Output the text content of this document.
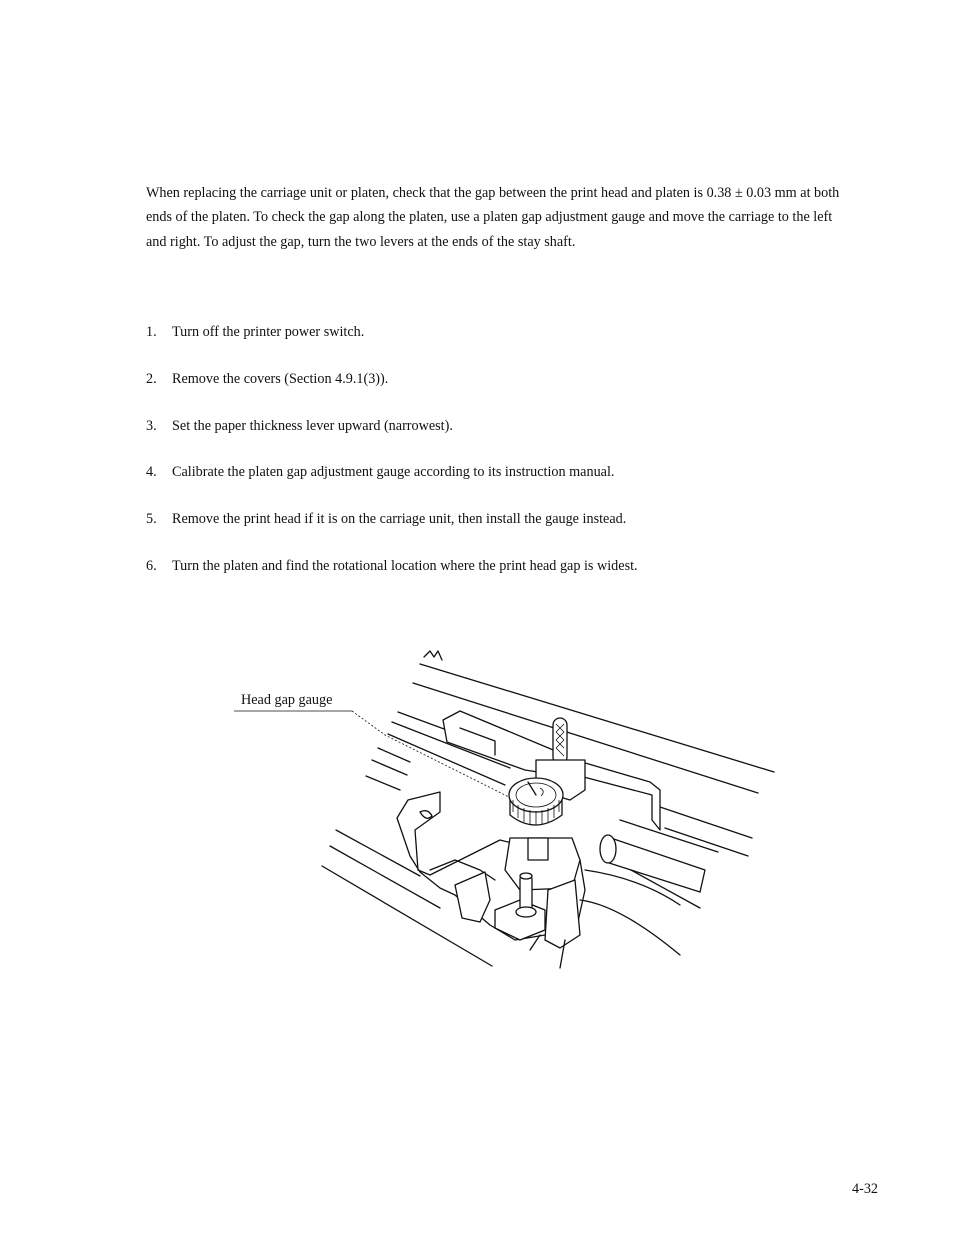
When replacing the carriage unit or platen, check that the gap between the print head and platen is 0.38 ± 0.03 mm at both ends of the platen. To check the gap along the platen, use a platen gap adjustment gauge and move the carriage to the left and right. To adjust the gap, turn the two levers at the ends of the stay shaft.

1. Turn off the printer power switch.
2. Remove the covers (Section 4.9.1(3)).
3. Set the paper thickness lever upward (narrowest).
4. Calibrate the platen gap adjustment gauge according to its instruction manual.
5. Remove the print head if it is on the carriage unit, then install the gauge instead.
6. Turn the platen and find the rotational location where the print head gap is widest.
Head gap gauge
4-32
